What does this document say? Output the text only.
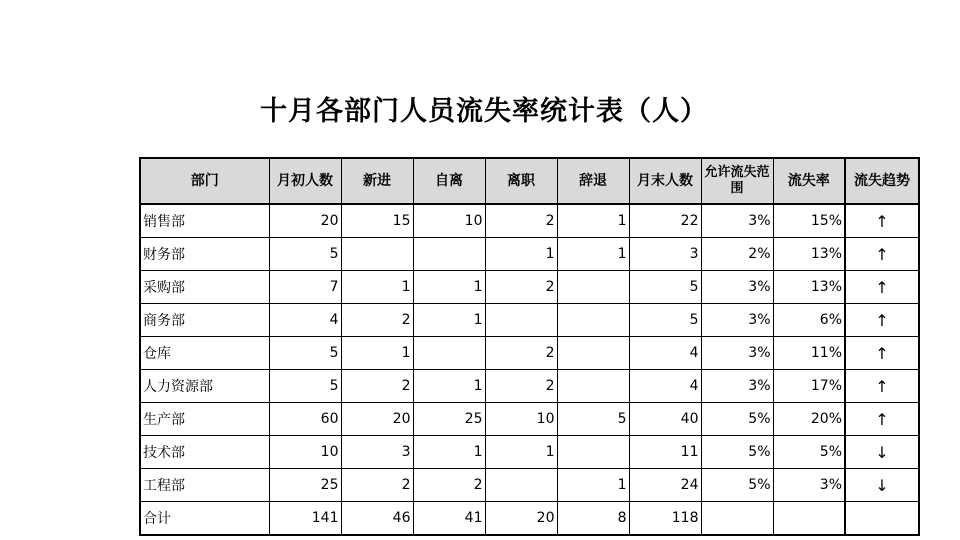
十月各部门人员流失率统计表（人）
部门	月初人数	新进	自离	离职	辞退	月末人数	允许流失范围	流失率	流失趋势
销售部	20	15	10	2	1	22	3%	15%	↑
财务部	5			1	1	3	2%	13%	↑
采购部	7	1	1	2		5	3%	13%	↑
商务部	4	2	1			5	3%	6%	↑
仓库	5	1		2		4	3%	11%	↑
人力资源部	5	2	1	2		4	3%	17%	↑
生产部	60	20	25	10	5	40	5%	20%	↑
技术部	10	3	1	1		11	5%	5%	↓
工程部	25	2	2		1	24	5%	3%	↓
合计	141	46	41	20	8	118			
